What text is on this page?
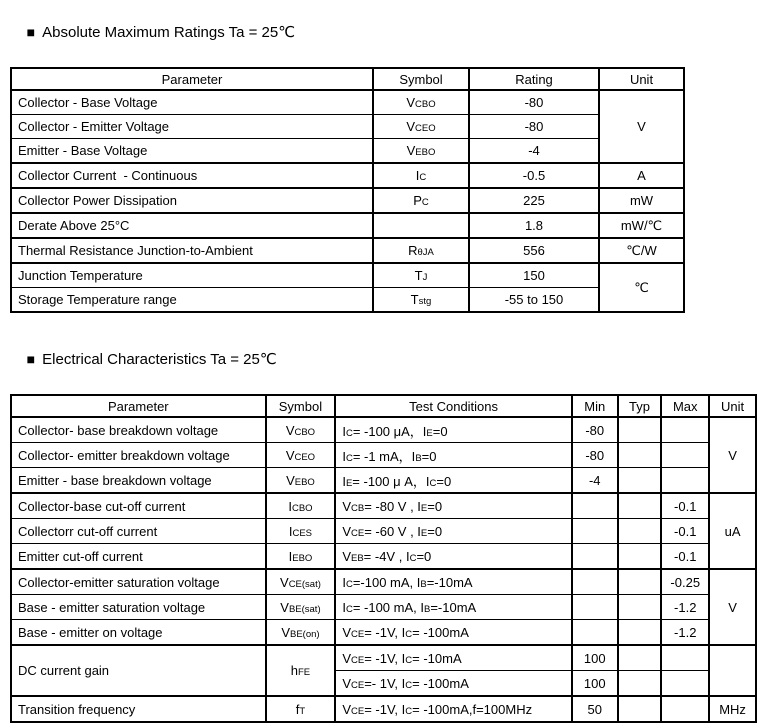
■ Absolute Maximum Ratings Ta = 25℃

Parameter	Symbol	Rating	Unit
Collector - Base Voltage	VCBO	-80	V
Collector - Emitter Voltage	VCEO	-80	
Emitter - Base Voltage	VEBO	-4	
Collector Current  - Continuous	IC	-0.5	A
Collector Power Dissipation	PC	225	mW
Derate Above 25°C		1.8	mW/℃
Thermal Resistance Junction-to-Ambient	RθJA	556	℃/W
Junction Temperature	TJ	150	℃
Storage Temperature range	Tstg	-55 to 150	

■ Electrical Characteristics Ta = 25℃

Parameter	Symbol	Test Conditions	Min	Typ	Max	Unit
Collector- base breakdown voltage	VCBO	IC= -100 μA，IE=0	-80			V
Collector- emitter breakdown voltage	VCEO	IC= -1 mA，IB=0	-80			
Emitter - base breakdown voltage	VEBO	IE= -100 μ A，IC=0	-4			
Collector-base cut-off current	ICBO	VCB= -80 V , IE=0			-0.1	uA
Collectorr cut-off current	ICES	VCE= -60 V , IE=0			-0.1	
Emitter cut-off current	IEBO	VEB= -4V , IC=0			-0.1	
Collector-emitter saturation voltage	VCE(sat)	IC=-100 mA, IB=-10mA			-0.25	V
Base - emitter saturation voltage	VBE(sat)	IC= -100 mA, IB=-10mA			-1.2	
Base - emitter on voltage	VBE(on)	VCE= -1V, IC= -100mA			-1.2	
DC current gain	hFE	VCE= -1V, IC= -10mA	100			
		VCE=- 1V, IC= -100mA	100			
Transition frequency	fT	VCE= -1V, IC= -100mA,f=100MHz	50			MHz
